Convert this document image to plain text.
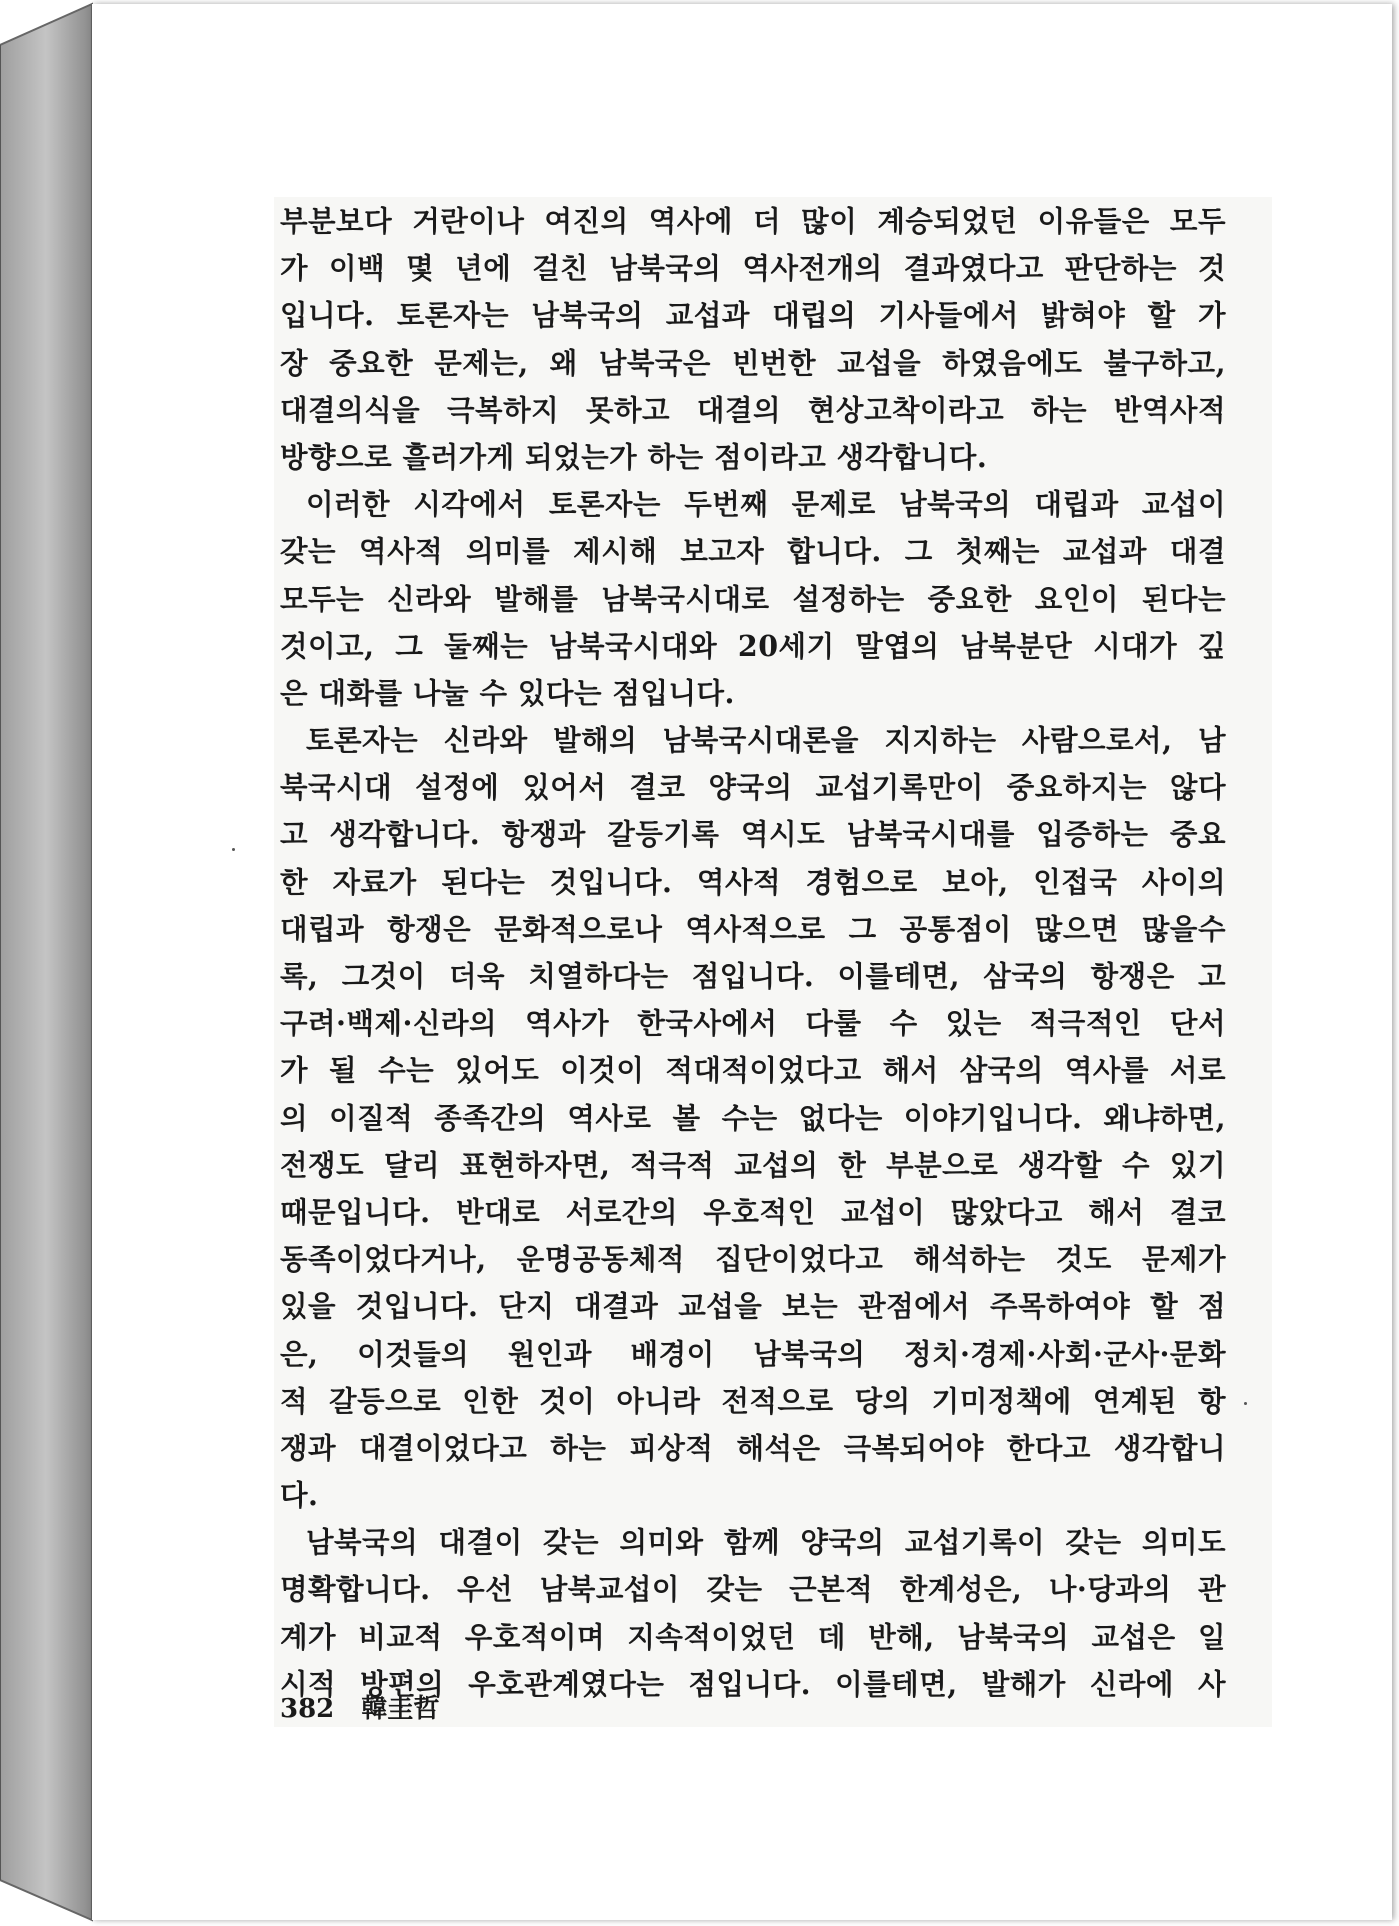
부분보다 거란이나 여진의 역사에 더 많이 계승되었던 이유들은 모두
가 이백 몇 년에 걸친 남북국의 역사전개의 결과였다고 판단하는 것
입니다. 토론자는 남북국의 교섭과 대립의 기사들에서 밝혀야 할 가
장 중요한 문제는, 왜 남북국은 빈번한 교섭을 하였음에도 불구하고,
대결의식을 극복하지 못하고 대결의 현상고착이라고 하는 반역사적
방향으로 흘러가게 되었는가 하는 점이라고 생각합니다.
이러한 시각에서 토론자는 두번째 문제로 남북국의 대립과 교섭이
갖는 역사적 의미를 제시해 보고자 합니다. 그 첫째는 교섭과 대결
모두는 신라와 발해를 남북국시대로 설정하는 중요한 요인이 된다는
것이고, 그 둘째는 남북국시대와 20세기 말엽의 남북분단 시대가 깊
은 대화를 나눌 수 있다는 점입니다.
토론자는 신라와 발해의 남북국시대론을 지지하는 사람으로서, 남
북국시대 설정에 있어서 결코 양국의 교섭기록만이 중요하지는 않다
고 생각합니다. 항쟁과 갈등기록 역시도 남북국시대를 입증하는 중요
한 자료가 된다는 것입니다. 역사적 경험으로 보아, 인접국 사이의
대립과 항쟁은 문화적으로나 역사적으로 그 공통점이 많으면 많을수
록, 그것이 더욱 치열하다는 점입니다. 이를테면, 삼국의 항쟁은 고
구려·백제·신라의 역사가 한국사에서 다룰 수 있는 적극적인 단서
가 될 수는 있어도 이것이 적대적이었다고 해서 삼국의 역사를 서로
의 이질적 종족간의 역사로 볼 수는 없다는 이야기입니다. 왜냐하면,
전쟁도 달리 표현하자면, 적극적 교섭의 한 부분으로 생각할 수 있기
때문입니다. 반대로 서로간의 우호적인 교섭이 많았다고 해서 결코
동족이었다거나, 운명공동체적 집단이었다고 해석하는 것도 문제가
있을 것입니다. 단지 대결과 교섭을 보는 관점에서 주목하여야 할 점
은, 이것들의 원인과 배경이 남북국의 정치·경제·사회·군사·문화
적 갈등으로 인한 것이 아니라 전적으로 당의 기미정책에 연계된 항
쟁과 대결이었다고 하는 피상적 해석은 극복되어야 한다고 생각합니
다.
남북국의 대결이 갖는 의미와 함께 양국의 교섭기록이 갖는 의미도
명확합니다. 우선 남북교섭이 갖는 근본적 한계성은, 나·당과의 관
계가 비교적 우호적이며 지속적이었던 데 반해, 남북국의 교섭은 일
시적 방편의 우호관계였다는 점입니다. 이를테면, 발해가 신라에 사
382 韓圭哲
